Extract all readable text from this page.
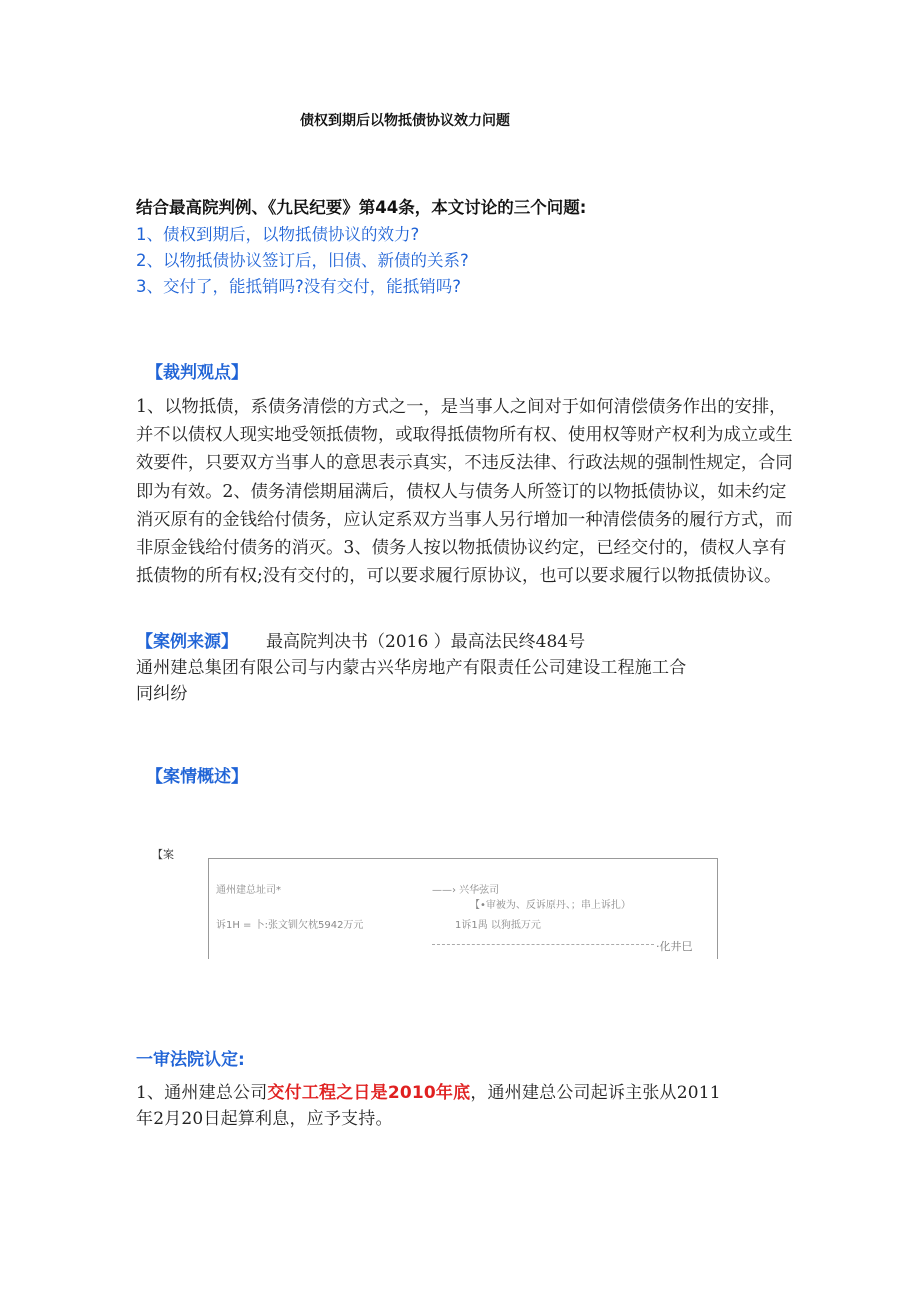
债权到期后以物抵债协议效力问题
结合最高院判例、《九民纪要》第44条，本文讨论的三个问题:
1、债权到期后，以物抵债协议的效力?
2、以物抵债协议签订后，旧债、新债的关系?
3、交付了，能抵销吗?没有交付，能抵销吗?
【裁判观点】
1、以物抵债，系债务清偿的方式之一，是当事人之间对于如何清偿债务作出的安排，并不以债权人现实地受领抵债物，或取得抵债物所有权、使用权等财产权利为成立或生效要件，只要双方当事人的意思表示真实，不违反法律、行政法规的强制性规定，合同即为有效。2、债务清偿期届满后，债权人与债务人所签订的以物抵债协议，如未约定消灭原有的金钱给付债务，应认定系双方当事人另行增加一种清偿债务的履行方式，而非原金钱给付债务的消灭。3、债务人按以物抵债协议约定，已经交付的，债权人享有抵债物的所有权;没有交付的，可以要求履行原协议，也可以要求履行以物抵债协议。
【案例来源】 最高院判决书（2016 ）最高法民终484号
通州建总集团有限公司与内蒙古兴华房地产有限责任公司建设工程施工合
同纠纷
【案情概述】
【案
通州建总址司*	——› 兴华弦司
【•审被为、反诉原丹、；串上诉扎）
诉1H = 卜:张文钏欠枕5942万元	1诉1禺 以狗抵万元
·化井巳
一审法院认定:
1、通州建总公司交付工程之日是2010年底，通州建总公司起诉主张从2011
年2月20日起算利息，应予支持。
